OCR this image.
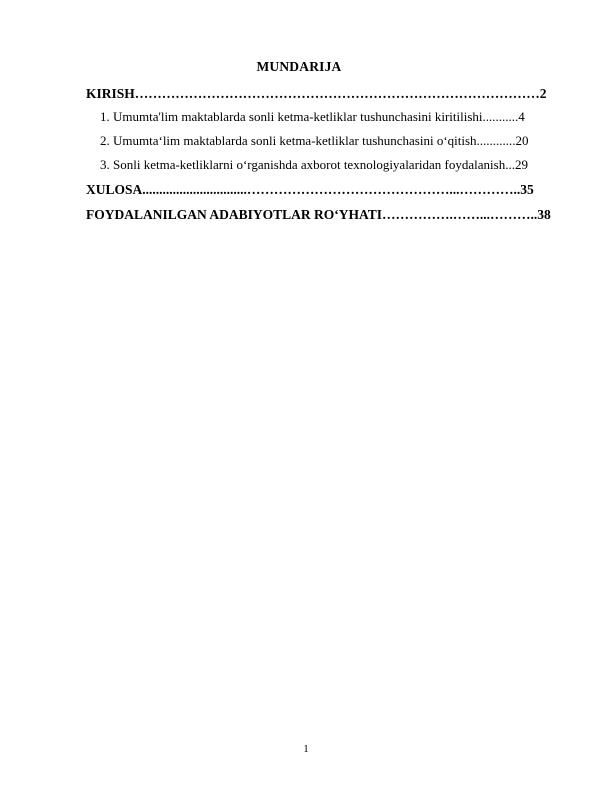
MUNDARIJA
KIRISH………………………………………………………………………………2
1. Umumta'lim maktablarda sonli ketma-ketliklar tushunchasini kiritilishi...........4
2. Umumta‘lim maktablarda sonli ketma-ketliklar tushunchasini o‘qitish............20
3. Sonli ketma-ketliklarni o‘rganishda axborot texnologiyalaridan foydalanish...29
XULOSA...............................………………………………………...…………..35
FOYDALANILGAN ADABIYOTLAR RO‘YHATI…………….……...………..38
1
